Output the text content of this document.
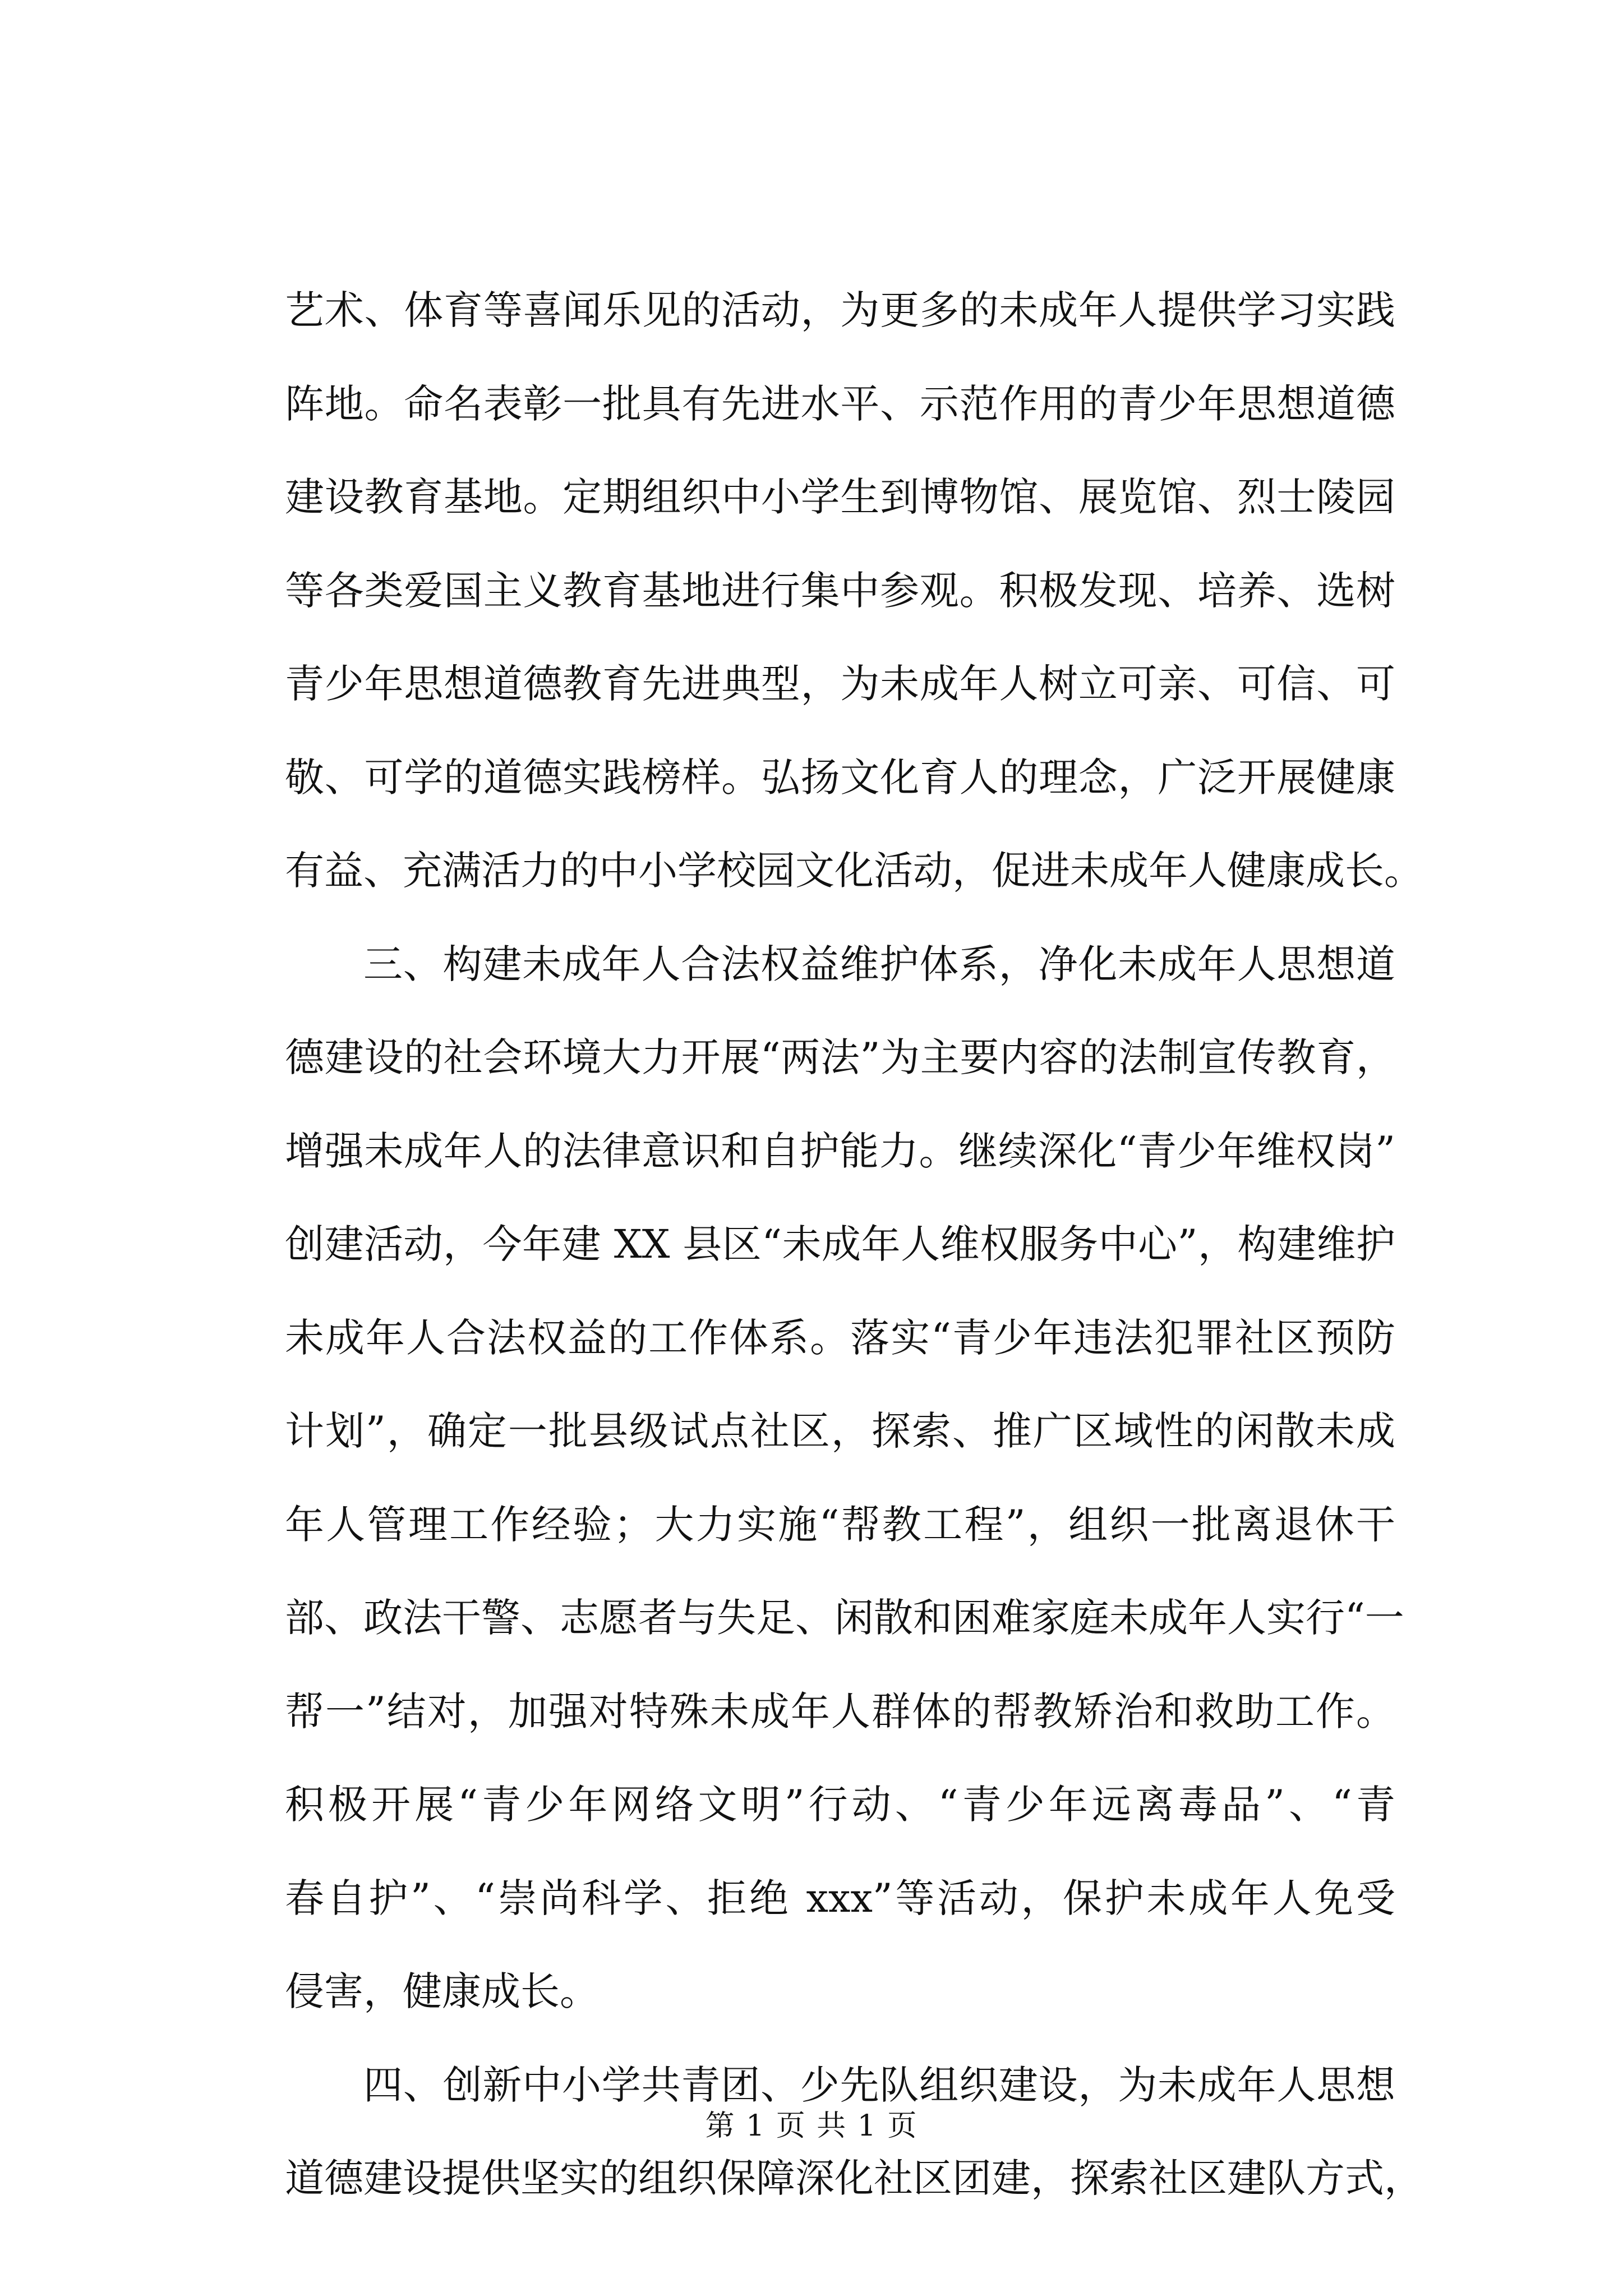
艺术、体育等喜闻乐见的活动，为更多的未成年人提供学习实践
阵地。命名表彰一批具有先进水平、示范作用的青少年思想道德
建设教育基地。定期组织中小学生到博物馆、展览馆、烈士陵园
等各类爱国主义教育基地进行集中参观。积极发现、培养、选树
青少年思想道德教育先进典型，为未成年人树立可亲、可信、可
敬、可学的道德实践榜样。弘扬文化育人的理念，广泛开展健康
有益、充满活力的中小学校园文化活动，促进未成年人健康成长。
三、构建未成年人合法权益维护体系，净化未成年人思想道
德建设的社会环境大力开展“两法”为主要内容的法制宣传教育，
增强未成年人的法律意识和自护能力。继续深化“青少年维权岗”
创建活动，今年建 XX 县区“未成年人维权服务中心”，构建维护
未成年人合法权益的工作体系。落实“青少年违法犯罪社区预防
计划”，确定一批县级试点社区，探索、推广区域性的闲散未成
年人管理工作经验；大力实施“帮教工程”，组织一批离退休干
部、政法干警、志愿者与失足、闲散和困难家庭未成年人实行“一
帮一”结对，加强对特殊未成年人群体的帮教矫治和救助工作。
积极开展“青少年网络文明”行动、“青少年远离毒品”、“青
春自护”、“崇尚科学、拒绝 xxx”等活动，保护未成年人免受
侵害，健康成长。
四、创新中小学共青团、少先队组织建设，为未成年人思想
道德建设提供坚实的组织保障深化社区团建，探索社区建队方式，
第 1 页 共 1 页
